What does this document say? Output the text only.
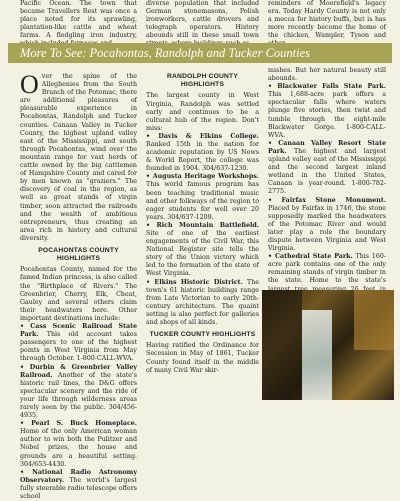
Pacific Ocean. The town that became Travellers Rest was once a place noted for its sprawling, plantation-like cattle and wheat farms. A fledgling iron industry,

diverse population that included German stonemasons, Polish ironworkers, cattle drovers and telegraph operators. History abounds still in these small town

reminders of Moorefield's legacy era. Today Hardy County is not only a mecca for history buffs, but is has more recently become the home of the chicken, Wampler, Tyson and

More To See: Pocahontas, Randolph and Tucker Counties

Over the spine of the Alleghenies from the South Branch of the Potomac, there are additional pleasures of pleasurable experience in Pocahontas, Randolph and Tucker counties. Canaan Valley in Tucker County, the highest upland valley east of the Mississippi, and south through Pocahontas, wind over the mountain range for vast herds of cattle owned by the big cattlemen of Hampshire County and cared for by men known as "graziers." The discovery of coal in the region, as well as great stands of virgin timber, soon attracted the railroads and the wealth of ambitious entrepreneurs, thus creating an area rich in history and cultural diversity.

POCAHONTAS COUNTY HIGHLIGHTS

Pocahontas County, named for the famed Indian princess, is also called the "Birthplace of Rivers." The Greenbrier, Cherry, Elk, Cheat, Gauley and several others claim their headwaters here. Other important destinations include:

• Cass Scenic Railroad State Park. This old account takes passengers to one of the highest points in West Virginia from May through October. 1-800-CALL-WVA.

• Durbin & Greenbrier Valley Railroad. Another of the state's historic rail lines, the D&G offers spectacular scenery and the ride of your life through wilderness areas rarely seen by the public. 304/456-4935.

• Pearl S. Buck Homeplace. Home of the only American woman author to win both the Pulitzer and Nobel prizes, the house and grounds are a beautiful setting. 304/653-4430.

• National Radio Astronomy Observatory. The world's largest fully steerable radio telescope offers school

RANDOLPH COUNTY HIGHLIGHTS

The largest county in West Virginia, Randolph was settled early and continues to be a cultural hub of the region. Don't miss:

• Davis & Elkins College. Ranked 15th in the nation for academic reputation by US News & World Report, the college was founded in 1904. 304/637-1230.

• Augusta Heritage Workshops. This world famous program has been teaching traditional music and other folkways of the region to eager students for well over 20 years. 304/637-1209.

• Rich Mountain Battlefield. Site of one of the earliest engagements of the Civil War, this National Register site tells the story of the Union victory which led to the formation of the state of West Virginia.

• Elkins Historic District. The town's 61 historic buildings range from Late Victorian to early 20th-century architecture. The quaint setting is also perfect for galleries and shops of all kinds.

TUCKER COUNTY HIGHLIGHTS

Having ratified the Ordinance for Secession in May of 1861, Tucker County found itself in the middle of many Civil War skir-

mishes. But her natural beauty still abounds.

• Blackwater Falls State Park. This 1,688-acre park offers a spectacular falls where waters plunge five stories, then twist and tumble through the eight-mile Blackwater Gorge. 1-800-CALL-WVA.

• Canaan Valley Resort State Park. The highest and largest upland valley east of the Mississippi and the second largest inland wetland in the United States, Canaan is year-round. 1-800-782-2775.

• Fairfax Stone Monument. Placed by Fairfax in 1746, the stone supposedly marked the headwaters of the Potomac River and would later play a role the boundary dispute between Virginia and West Virginia.

• Cathedral State Park. This 160-acre park contains one of the only remaining stands of virgin timber in the state. Home to the state's
